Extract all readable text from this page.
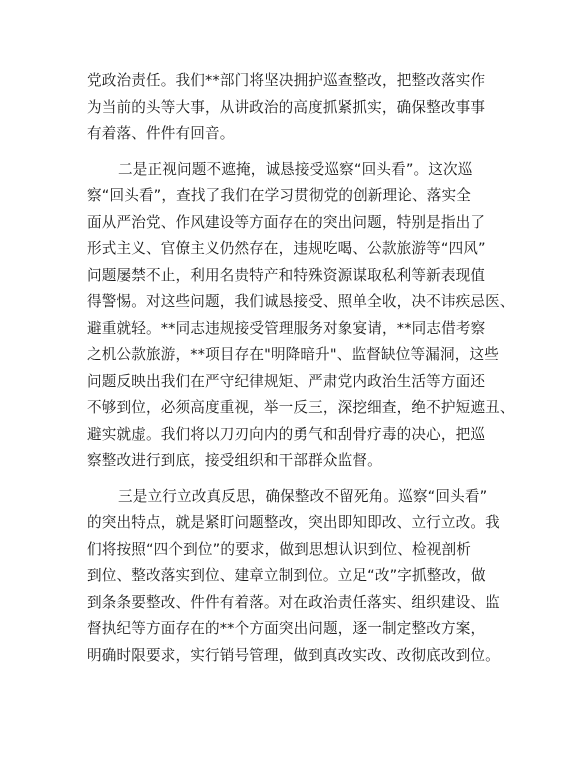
党政治责任。我们**部门将坚决拥护巡查整改，把整改落实作
为当前的头等大事，从讲政治的高度抓紧抓实，确保整改事事
有着落、件件有回音。
二是正视问题不遮掩，诚恳接受巡察“回头看”。这次巡
察“回头看”，查找了我们在学习贯彻党的创新理论、落实全
面从严治党、作风建设等方面存在的突出问题，特别是指出了
形式主义、官僚主义仍然存在，违规吃喝、公款旅游等“四风”
问题屡禁不止，利用名贵特产和特殊资源谋取私利等新表现值
得警惕。对这些问题，我们诚恳接受、照单全收，决不讳疾忌医、
避重就轻。**同志违规接受管理服务对象宴请，**同志借考察
之机公款旅游，**项目存在"明降暗升"、监督缺位等漏洞，这些
问题反映出我们在严守纪律规矩、严肃党内政治生活等方面还
不够到位，必须高度重视，举一反三，深挖细查，绝不护短遮丑、
避实就虚。我们将以刀刃向内的勇气和刮骨疗毒的决心，把巡
察整改进行到底，接受组织和干部群众监督。
三是立行立改真反思，确保整改不留死角。巡察“回头看”
的突出特点，就是紧盯问题整改，突出即知即改、立行立改。我
们将按照“四个到位”的要求，做到思想认识到位、检视剖析
到位、整改落实到位、建章立制到位。立足“改”字抓整改，做
到条条要整改、件件有着落。对在政治责任落实、组织建设、监
督执纪等方面存在的**个方面突出问题，逐一制定整改方案，
明确时限要求，实行销号管理，做到真改实改、改彻底改到位。
